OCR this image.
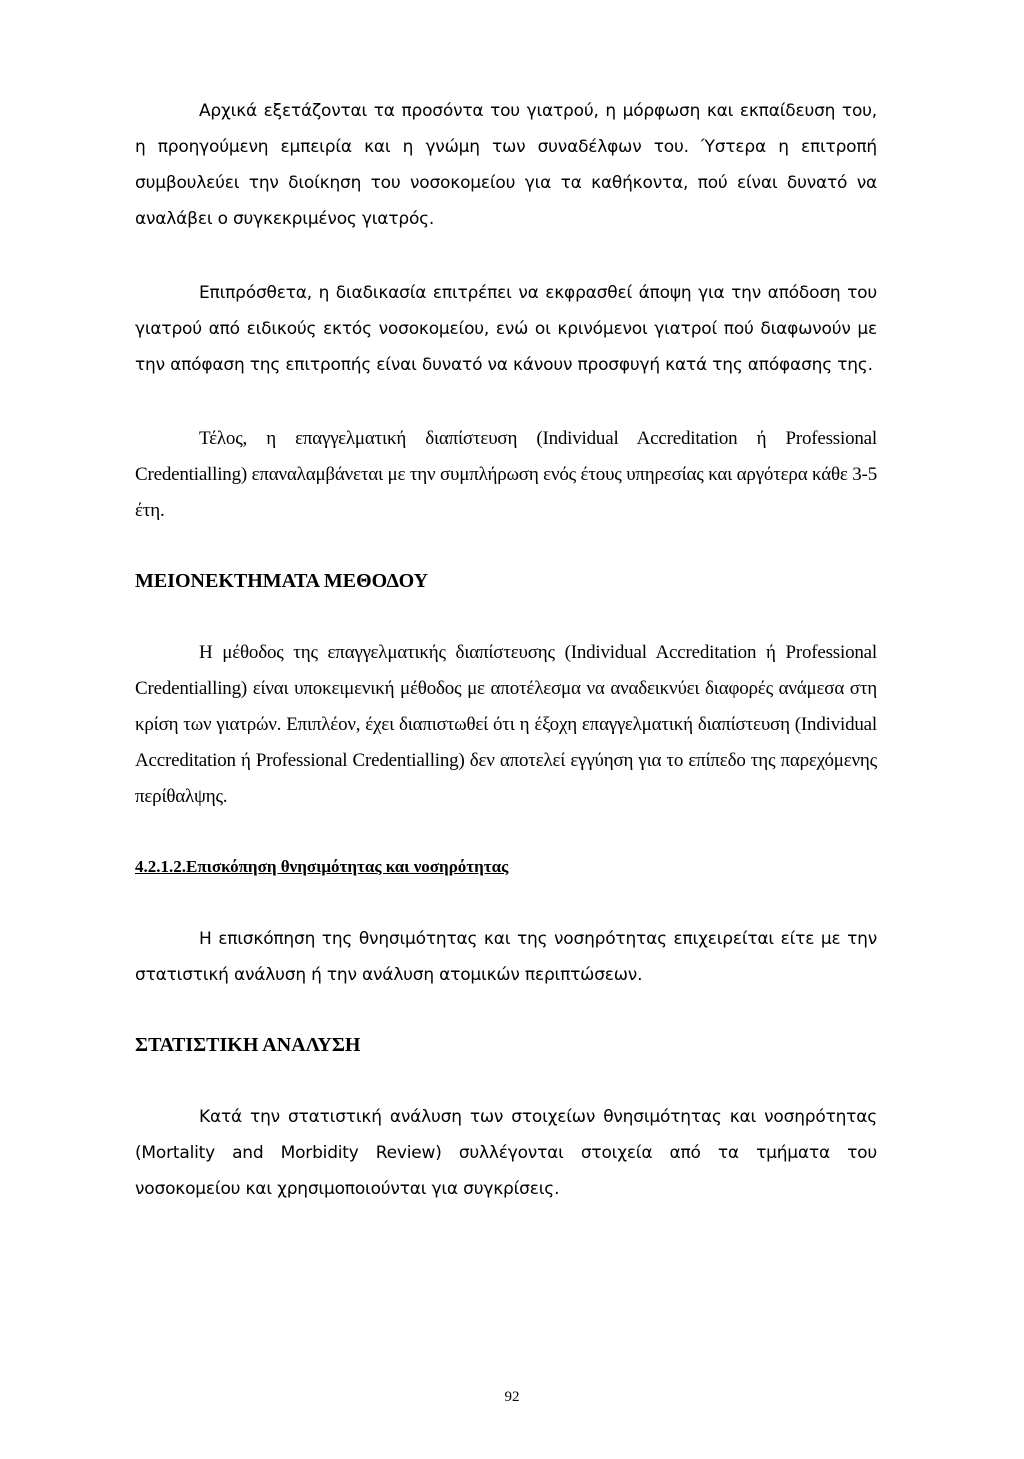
Αρχικά εξετάζονται τα προσόντα του γιατρού, η μόρφωση και εκπαίδευση του, η προηγούμενη εμπειρία και η γνώμη των συναδέλφων του. Ύστερα η επιτροπή συμβουλεύει την διοίκηση του νοσοκομείου για τα καθήκοντα, πού είναι δυνατό να αναλάβει ο συγκεκριμένος γιατρός.

Επιπρόσθετα, η διαδικασία επιτρέπει να εκφρασθεί άποψη για την απόδοση του γιατρού από ειδικούς εκτός νοσοκομείου, ενώ οι κρινόμενοι γιατροί πού διαφωνούν με την απόφαση της επιτροπής είναι δυνατό να κάνουν προσφυγή κατά της απόφασης της.

Τέλος, η επαγγελματική διαπίστευση (Individual Accreditation ή Professional Credentialling) επαναλαμβάνεται με την συμπλήρωση ενός έτους υπηρεσίας και αργότερα κάθε 3-5 έτη.

ΜΕΙΟΝΕΚΤΗΜΑΤΑ ΜΕΘΟΔΟΥ

Η μέθοδος της επαγγελματικής διαπίστευσης (Individual Accreditation ή Professional Credentialling) είναι υποκειμενική μέθοδος με αποτέλεσμα να αναδεικνύει διαφορές ανάμεσα στη κρίση των γιατρών. Επιπλέον, έχει διαπιστωθεί ότι η έξοχη επαγγελματική διαπίστευση (Individual Accreditation ή Professional Credentialling) δεν αποτελεί εγγύηση για το επίπεδο της παρεχόμενης περίθαλψης.

4.2.1.2.Επισκόπηση θνησιμότητας και νοσηρότητας

Η επισκόπηση της θνησιμότητας και της νοσηρότητας επιχειρείται είτε με την στατιστική ανάλυση ή την ανάλυση ατομικών περιπτώσεων.

ΣΤΑΤΙΣΤΙΚΗ ΑΝΑΛΥΣΗ

Κατά την στατιστική ανάλυση των στοιχείων θνησιμότητας και νοσηρότητας (Mortality and Morbidity Review) συλλέγονται στοιχεία από τα τμήματα του νοσοκομείου και χρησιμοποιούνται για συγκρίσεις.

92
